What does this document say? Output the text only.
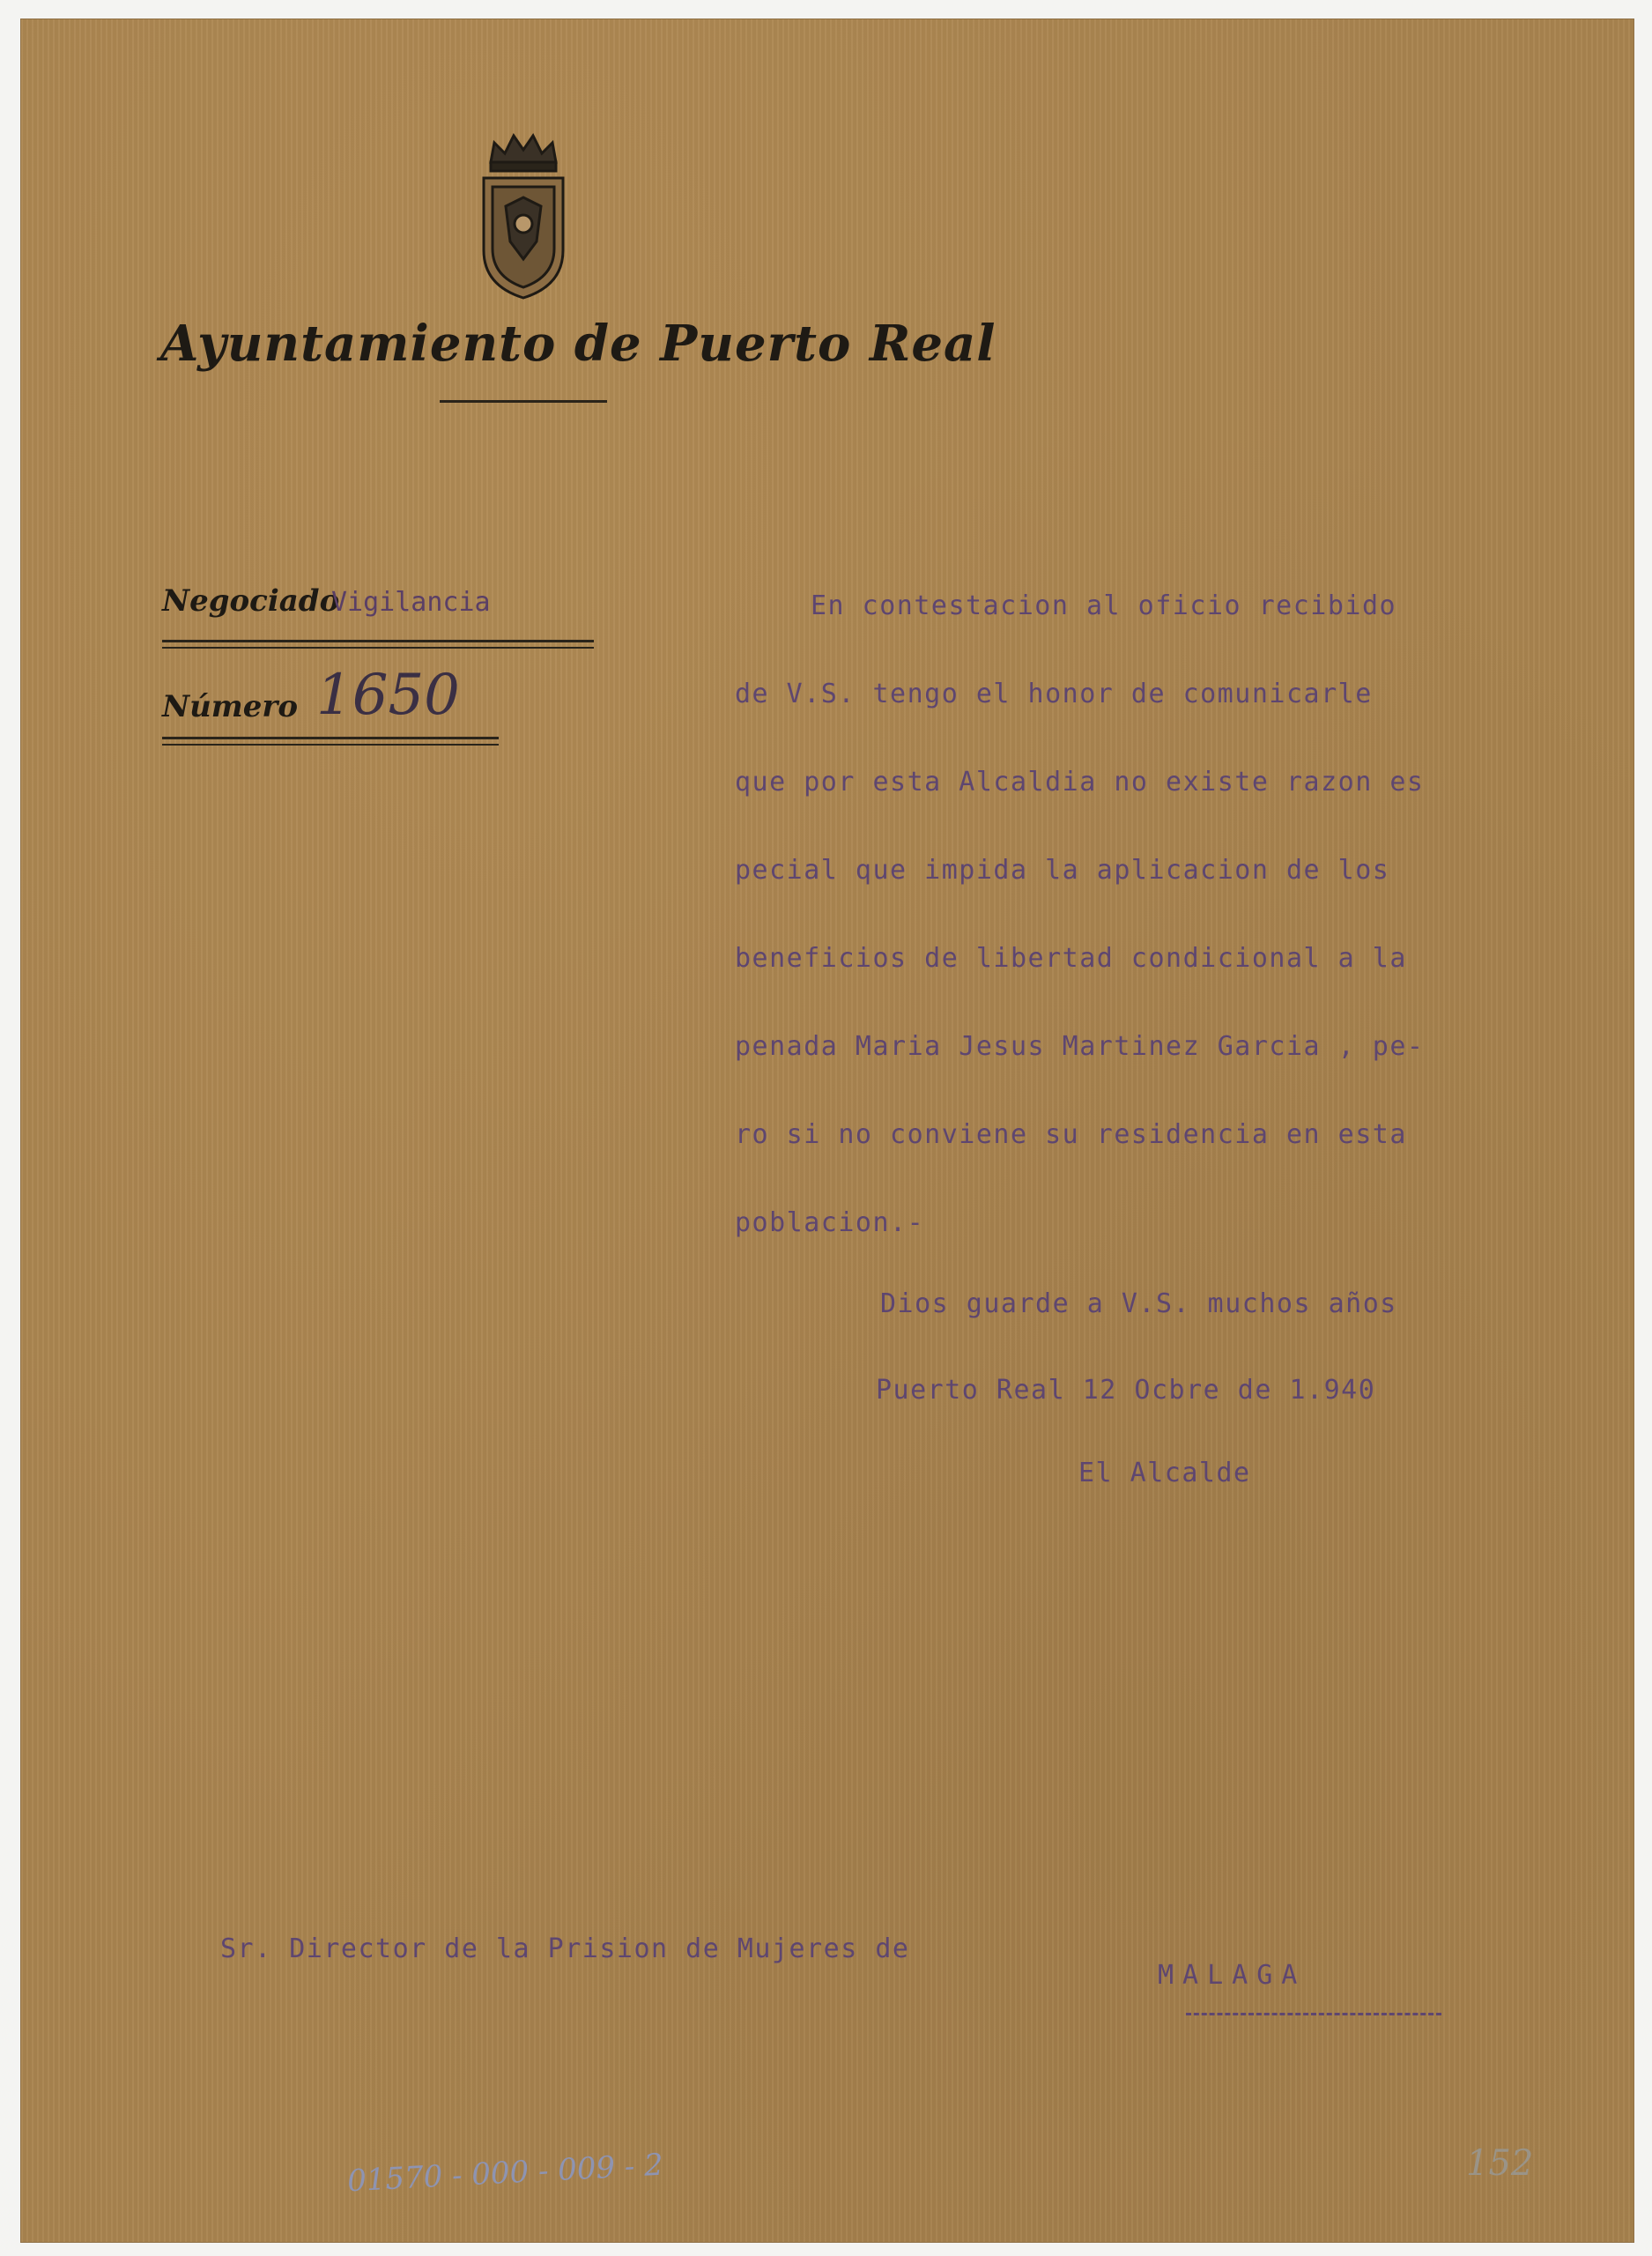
Ayuntamiento de Puerto Real
Negociado
Vigilancia
Número 1650
En contestacion al oficio recibido
de V.S. tengo el honor de comunicarle
que por esta Alcaldia no existe razon es
pecial que impida la aplicacion de los
beneficios de libertad condicional a la
penada Maria Jesus Martinez Garcia , pe-
ro si no conviene su residencia en esta
poblacion.-
Dios guarde a V.S. muchos años
Puerto Real 12 Ocbre de 1.940
El Alcalde
Sr. Director de la Prision de Mujeres de
MALAGA
01570 - 000 - 009 - 2	152
